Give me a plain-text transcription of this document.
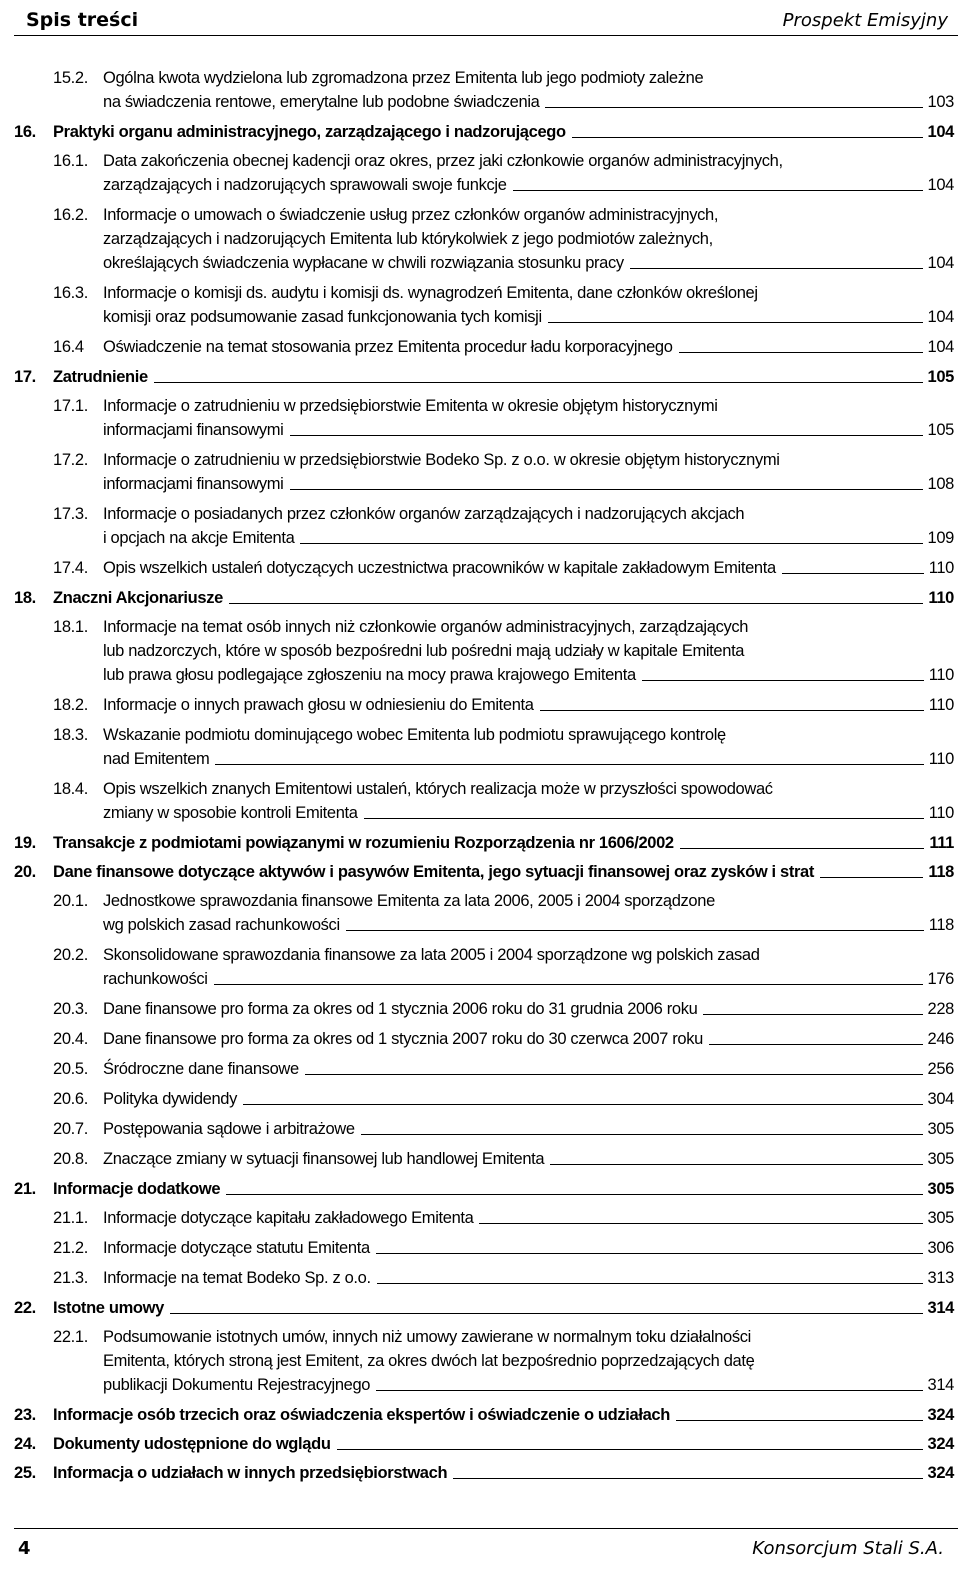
Spis treści	Prospekt Emisyjny
15.2. Ogólna kwota wydzielona lub zgromadzona przez Emitenta lub jego podmioty zależne
na świadczenia rentowe, emerytalne lub podobne świadczenia	103
16. Praktyki organu administracyjnego, zarządzającego i nadzorującego	104
16.1. Data zakończenia obecnej kadencji oraz okres, przez jaki członkowie organów administracyjnych,
zarządzających i nadzorujących sprawowali swoje funkcje	104
16.2. Informacje o umowach o świadczenie usług przez członków organów administracyjnych,
zarządzających i nadzorujących Emitenta lub którykolwiek z jego podmiotów zależnych,
określających świadczenia wypłacane w chwili rozwiązania stosunku pracy	104
16.3. Informacje o komisji ds. audytu i komisji ds. wynagrodzeń Emitenta, dane członków określonej
komisji oraz podsumowanie zasad funkcjonowania tych komisji	104
16.4 Oświadczenie na temat stosowania przez Emitenta procedur ładu korporacyjnego	104
17. Zatrudnienie	105
17.1. Informacje o zatrudnieniu w przedsiębiorstwie Emitenta w okresie objętym historycznymi
informacjami finansowymi	105
17.2. Informacje o zatrudnieniu w przedsiębiorstwie Bodeko Sp. z o.o. w okresie objętym historycznymi
informacjami finansowymi	108
17.3. Informacje o posiadanych przez członków organów zarządzających i nadzorujących akcjach
i opcjach na akcje Emitenta	109
17.4. Opis wszelkich ustaleń dotyczących uczestnictwa pracowników w kapitale zakładowym Emitenta	110
18. Znaczni Akcjonariusze	110
18.1. Informacje na temat osób innych niż członkowie organów administracyjnych, zarządzających
lub nadzorczych, które w sposób bezpośredni lub pośredni mają udziały w kapitale Emitenta
lub prawa głosu podlegające zgłoszeniu na mocy prawa krajowego Emitenta	110
18.2. Informacje o innych prawach głosu w odniesieniu do Emitenta	110
18.3. Wskazanie podmiotu dominującego wobec Emitenta lub podmiotu sprawującego kontrolę
nad Emitentem	110
18.4. Opis wszelkich znanych Emitentowi ustaleń, których realizacja może w przyszłości spowodować
zmiany w sposobie kontroli Emitenta	110
19. Transakcje z podmiotami powiązanymi w rozumieniu Rozporządzenia nr 1606/2002	111
20. Dane finansowe dotyczące aktywów i pasywów Emitenta, jego sytuacji finansowej oraz zysków i strat	118
20.1. Jednostkowe sprawozdania finansowe Emitenta za lata 2006, 2005 i 2004 sporządzone
wg polskich zasad rachunkowości	118
20.2. Skonsolidowane sprawozdania finansowe za lata 2005 i 2004 sporządzone wg polskich zasad
rachunkowości	176
20.3. Dane finansowe pro forma za okres od 1 stycznia 2006 roku do 31 grudnia 2006 roku	228
20.4. Dane finansowe pro forma za okres od 1 stycznia 2007 roku do 30 czerwca 2007 roku	246
20.5. Śródroczne dane finansowe	256
20.6. Polityka dywidendy	304
20.7. Postępowania sądowe i arbitrażowe	305
20.8. Znaczące zmiany w sytuacji finansowej lub handlowej Emitenta	305
21. Informacje dodatkowe	305
21.1. Informacje dotyczące kapitału zakładowego Emitenta	305
21.2. Informacje dotyczące statutu Emitenta	306
21.3. Informacje na temat Bodeko Sp. z o.o.	313
22. Istotne umowy	314
22.1. Podsumowanie istotnych umów, innych niż umowy zawierane w normalnym toku działalności
Emitenta, których stroną jest Emitent, za okres dwóch lat bezpośrednio poprzedzających datę
publikacji Dokumentu Rejestracyjnego	314
23. Informacje osób trzecich oraz oświadczenia ekspertów i oświadczenie o udziałach	324
24. Dokumenty udostępnione do wglądu	324
25. Informacja o udziałach w innych przedsiębiorstwach	324
4	Konsorcjum Stali S.A.
